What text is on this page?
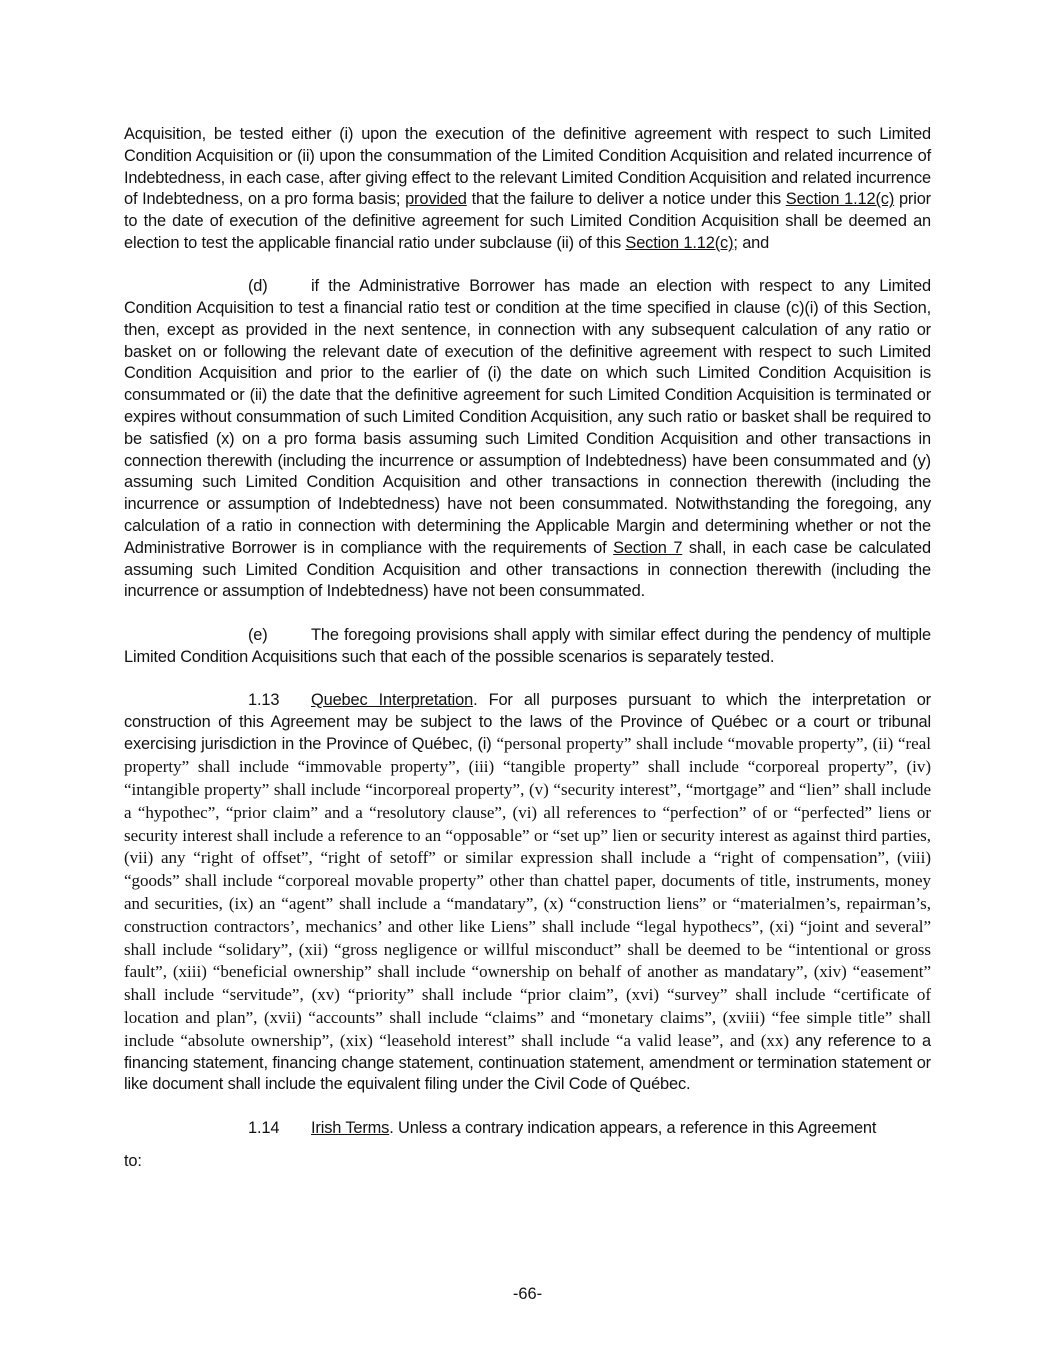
Acquisition, be tested either (i) upon the execution of the definitive agreement with respect to such Limited Condition Acquisition or (ii) upon the consummation of the Limited Condition Acquisition and related incurrence of Indebtedness, in each case, after giving effect to the relevant Limited Condition Acquisition and related incurrence of Indebtedness, on a pro forma basis; provided that the failure to deliver a notice under this Section 1.12(c) prior to the date of execution of the definitive agreement for such Limited Condition Acquisition shall be deemed an election to test the applicable financial ratio under subclause (ii) of this Section 1.12(c); and

(d)	if the Administrative Borrower has made an election with respect to any Limited Condition Acquisition to test a financial ratio test or condition at the time specified in clause (c)(i) of this Section, then, except as provided in the next sentence, in connection with any subsequent calculation of any ratio or basket on or following the relevant date of execution of the definitive agreement with respect to such Limited Condition Acquisition and prior to the earlier of (i) the date on which such Limited Condition Acquisition is consummated or (ii) the date that the definitive agreement for such Limited Condition Acquisition is terminated or expires without consummation of such Limited Condition Acquisition, any such ratio or basket shall be required to be satisfied (x) on a pro forma basis assuming such Limited Condition Acquisition and other transactions in connection therewith (including the incurrence or assumption of Indebtedness) have been consummated and (y) assuming such Limited Condition Acquisition and other transactions in connection therewith (including the incurrence or assumption of Indebtedness) have not been consummated. Notwithstanding the foregoing, any calculation of a ratio in connection with determining the Applicable Margin and determining whether or not the Administrative Borrower is in compliance with the requirements of Section 7 shall, in each case be calculated assuming such Limited Condition Acquisition and other transactions in connection therewith (including the incurrence or assumption of Indebtedness) have not been consummated.

(e)	The foregoing provisions shall apply with similar effect during the pendency of multiple Limited Condition Acquisitions such that each of the possible scenarios is separately tested.

1.13 Quebec Interpretation. For all purposes pursuant to which the interpretation or construction of this Agreement may be subject to the laws of the Province of Québec or a court or tribunal exercising jurisdiction in the Province of Québec, (i) “personal property” shall include “movable property”, (ii) “real property” shall include “immovable property”, (iii) “tangible property” shall include “corporeal property”, (iv) “intangible property” shall include “incorporeal property”, (v) “security interest”, “mortgage” and “lien” shall include a “hypothec”, “prior claim” and a “resolutory clause”, (vi) all references to “perfection” of or “perfected” liens or security interest shall include a reference to an “opposable” or “set up” lien or security interest as against third parties, (vii) any “right of offset”, “right of setoff” or similar expression shall include a “right of compensation”, (viii) “goods” shall include “corporeal movable property” other than chattel paper, documents of title, instruments, money and securities, (ix) an “agent” shall include a “mandatary”, (x) “construction liens” or “materialmen’s, repairman’s, construction contractors’, mechanics’ and other like Liens” shall include “legal hypothecs”, (xi) “joint and several” shall include “solidary”, (xii) “gross negligence or willful misconduct” shall be deemed to be “intentional or gross fault”, (xiii) “beneficial ownership” shall include “ownership on behalf of another as mandatary”, (xiv) “easement” shall include “servitude”, (xv) “priority” shall include “prior claim”, (xvi) “survey” shall include “certificate of location and plan”, (xvii) “accounts” shall include “claims” and “monetary claims”, (xviii) “fee simple title” shall include “absolute ownership”, (xix) “leasehold interest” shall include “a valid lease”, and (xx) any reference to a financing statement, financing change statement, continuation statement, amendment or termination statement or like document shall include the equivalent filing under the Civil Code of Québec.

1.14 Irish Terms. Unless a contrary indication appears, a reference in this Agreement

to:

-66-
